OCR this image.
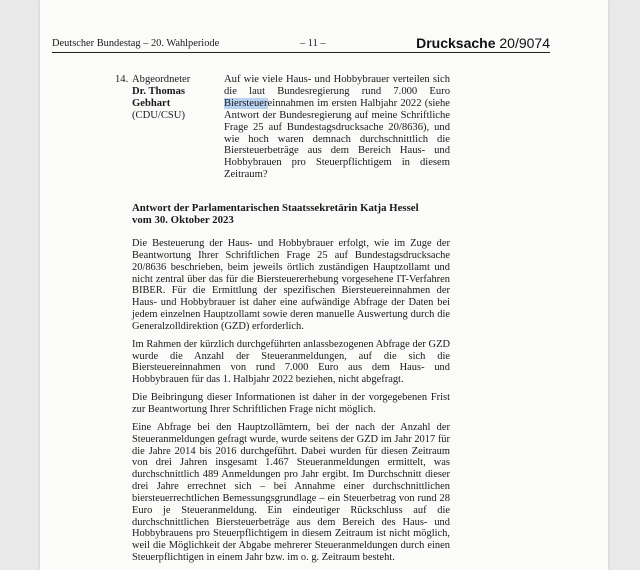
Deutscher Bundestag – 20. Wahlperiode	– 11 –	Drucksache 20/9074
14. Abgeordneter
Dr. Thomas
Gebhart
(CDU/CSU)
Auf wie viele Haus- und Hobbybrauer verteilen sich die laut Bundesregierung rund 7.000 Euro Biersteuereinnahmen im ersten Halbjahr 2022 (siehe Antwort der Bundesregierung auf meine Schriftliche Frage 25 auf Bundestagsdrucksache 20/8636), und wie hoch waren demnach durchschnittlich die Biersteuerbeträge aus dem Bereich Haus- und Hobbybrauen pro Steuerpflichtigem in diesem Zeitraum?
Antwort der Parlamentarischen Staatssekretärin Katja Hessel
vom 30. Oktober 2023

Die Besteuerung der Haus- und Hobbybrauer erfolgt, wie im Zuge der Beantwortung Ihrer Schriftlichen Frage 25 auf Bundestagsdrucksache 20/8636 beschrieben, beim jeweils örtlich zuständigen Hauptzollamt und nicht zentral über das für die Biersteuererhebung vorgesehene IT-Verfahren BIBER. Für die Ermittlung der spezifischen Biersteuereinnahmen der Haus- und Hobbybrauer ist daher eine aufwändige Abfrage der Daten bei jedem einzelnen Hauptzollamt sowie deren manuelle Auswertung durch die Generalzolldirektion (GZD) erforderlich.

Im Rahmen der kürzlich durchgeführten anlassbezogenen Abfrage der GZD wurde die Anzahl der Steueranmeldungen, auf die sich die Biersteuereinnahmen von rund 7.000 Euro aus dem Haus- und Hobbybrauen für das 1. Halbjahr 2022 beziehen, nicht abgefragt.

Die Beibringung dieser Informationen ist daher in der vorgegebenen Frist zur Beantwortung Ihrer Schriftlichen Frage nicht möglich.

Eine Abfrage bei den Hauptzollämtern, bei der nach der Anzahl der Steueranmeldungen gefragt wurde, wurde seitens der GZD im Jahr 2017 für die Jahre 2014 bis 2016 durchgeführt. Dabei wurden für diesen Zeitraum von drei Jahren insgesamt 1.467 Steueranmeldungen ermittelt, was durchschnittlich 489 Anmeldungen pro Jahr ergibt. Im Durchschnitt dieser drei Jahre errechnet sich – bei Annahme einer durchschnittlichen biersteuerrechtlichen Bemessungsgrundlage – ein Steuerbetrag von rund 28 Euro je Steueranmeldung. Ein eindeutiger Rückschluss auf die durchschnittlichen Biersteuerbeträge aus dem Bereich des Haus- und Hobbybrauens pro Steuerpflichtigem in diesem Zeitraum ist nicht möglich, weil die Möglichkeit der Abgabe mehrerer Steueranmeldungen durch einen Steuerpflichtigen in einem Jahr bzw. im o. g. Zeitraum besteht.
